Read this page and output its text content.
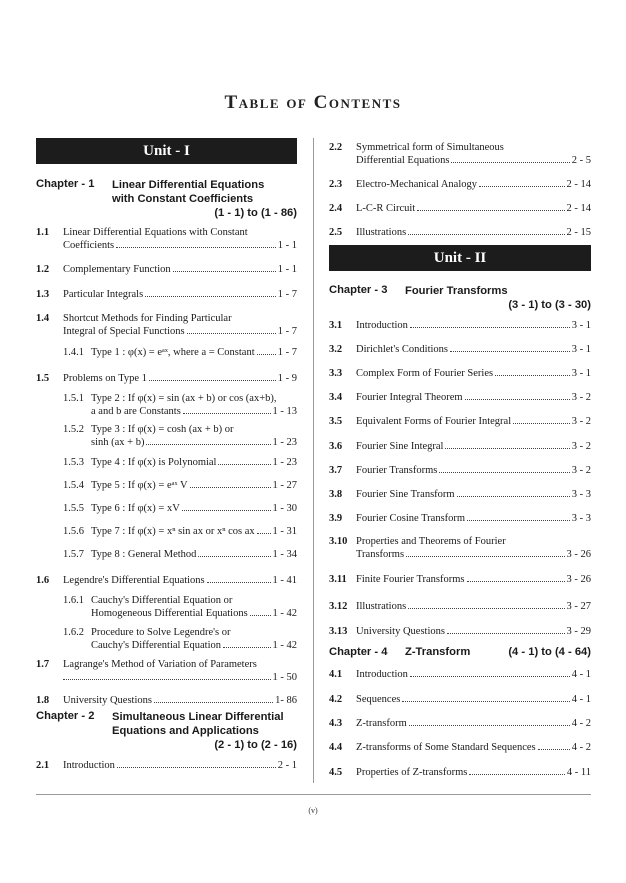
Table of Contents
Unit - I
Chapter - 1	Linear Differential Equations
with Constant Coefficients
(1 - 1) to (1 - 86)
1.1 Linear Differential Equations with Constant
Coefficients	1 - 1
1.2 Complementary Function	1 - 1
1.3 Particular Integrals	1 - 7
1.4 Shortcut Methods for Finding Particular
Integral of Special Functions	1 - 7
1.4.1 Type 1 : φ(x) = eᵃˣ, where a = Constant 1 - 7
1.5 Problems on Type 1	1 - 9
1.5.1 Type 2 : If φ(x) = sin (ax + b) or cos (ax+b),
a and b are Constants	1 - 13
1.5.2 Type 3 : If φ(x) = cosh (ax + b) or
sinh (ax + b)	1 - 23
1.5.3 Type 4 : If φ(x) is Polynomial	1 - 23
1.5.4 Type 5 : If φ(x) = eᵃˣ V	1 - 27
1.5.5 Type 6 : If φ(x) = xV	1 - 30
1.5.6 Type 7 : If φ(x) = xⁿ sin ax or xⁿ cos ax 1 - 31
1.5.7 Type 8 : General Method	1 - 34
1.6 Legendre's Differential Equations	1 - 41
1.6.1 Cauchy's Differential Equation or
Homogeneous Differential Equations 1 - 42
1.6.2 Procedure to Solve Legendre's or
Cauchy's Differential Equation	1 - 42
1.7 Lagrange's Method of Variation of Parameters
1 - 50
1.8 University Questions	1- 86
Chapter - 2	Simultaneous Linear Differential
Equations and Applications
(2 - 1) to (2 - 16)
2.1 Introduction	2 - 1
2.2 Symmetrical form of Simultaneous
Differential Equations	2 - 5
2.3 Electro-Mechanical Analogy	2 - 14
2.4 L-C-R Circuit	2 - 14
2.5 Illustrations	2 - 15
Unit - II
Chapter - 3	Fourier Transforms
(3 - 1) to (3 - 30)
3.1 Introduction	3 - 1
3.2 Dirichlet's Conditions	3 - 1
3.3 Complex Form of Fourier Series	3 - 1
3.4 Fourier Integral Theorem	3 - 2
3.5 Equivalent Forms of Fourier Integral	3 - 2
3.6 Fourier Sine Integral	3 - 2
3.7 Fourier Transforms	3 - 2
3.8 Fourier Sine Transform	3 - 3
3.9 Fourier Cosine Transform	3 - 3
3.10 Properties and Theorems of Fourier
Transforms	3 - 26
3.11 Finite Fourier Transforms	3 - 26
3.12 Illustrations	3 - 27
3.13 University Questions	3 - 29
Chapter - 4	Z-Transform	(4 - 1) to (4 - 64)
4.1 Introduction	4 - 1
4.2 Sequences	4 - 1
4.3 Z-transform	4 - 2
4.4 Z-transforms of Some Standard Sequences	4 - 2
4.5 Properties of Z-transforms	4 - 11
(v)
